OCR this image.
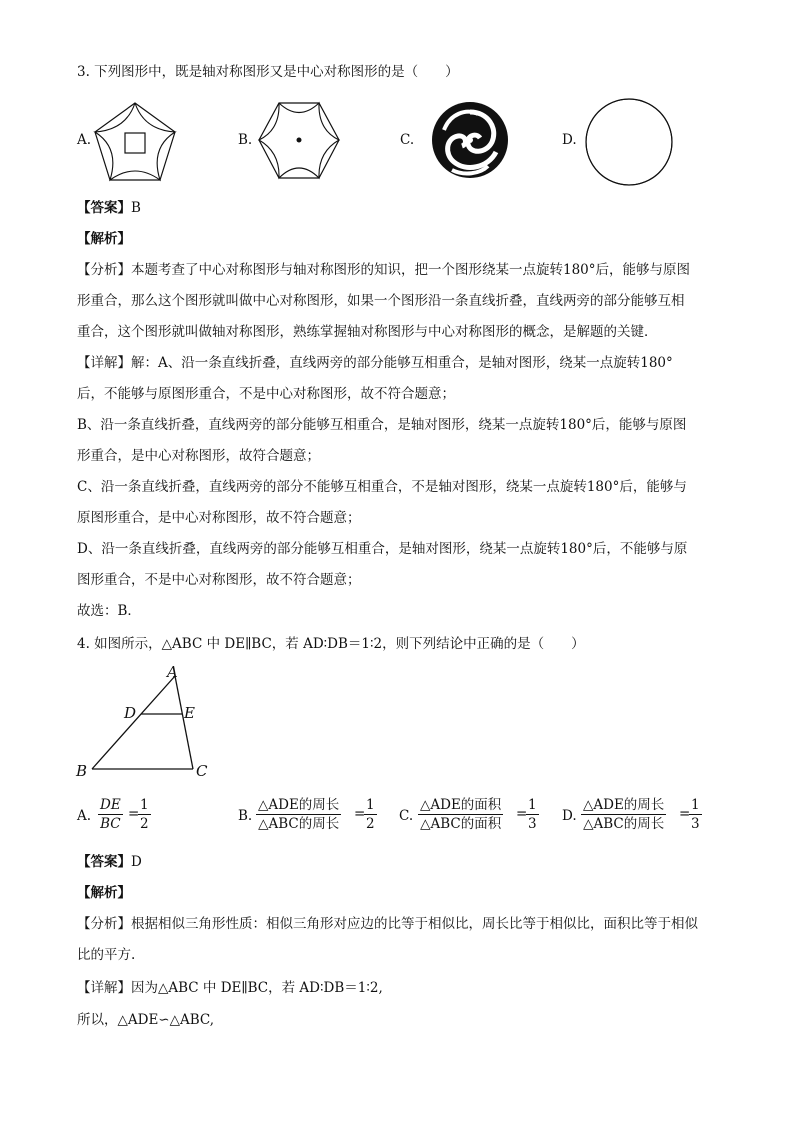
3. 下列图形中，既是轴对称图形又是中心对称图形的是（　　）
A.	B.	C.	D.
【答案】B
【解析】
【分析】本题考查了中心对称图形与轴对称图形的知识，把一个图形绕某一点旋转180°后，能够与原图
形重合，那么这个图形就叫做中心对称图形，如果一个图形沿一条直线折叠，直线两旁的部分能够互相
重合，这个图形就叫做轴对称图形，熟练掌握轴对称图形与中心对称图形的概念，是解题的关键．
【详解】解：A、沿一条直线折叠，直线两旁的部分能够互相重合，是轴对图形，绕某一点旋转180°
后，不能够与原图形重合，不是中心对称图形，故不符合题意；
B、沿一条直线折叠，直线两旁的部分能够互相重合，是轴对图形，绕某一点旋转180°后，能够与原图
形重合，是中心对称图形，故符合题意；
C、沿一条直线折叠，直线两旁的部分不能够互相重合，不是轴对图形，绕某一点旋转180°后，能够与
原图形重合，是中心对称图形，故不符合题意；
D、沿一条直线折叠，直线两旁的部分能够互相重合，是轴对图形，绕某一点旋转180°后，不能够与原
图形重合，不是中心对称图形，故不符合题意；
故选：B．
4. 如图所示，△ABC 中 DE∥BC，若 AD∶DB＝1∶2，则下列结论中正确的是（　　）
A
D	E
B	C
A. $\frac{DE}{BC}$ =
$\frac{1}{2}$	B.
△ADE的周长
△ABC的周长
=
$\frac{1}{2} C$.
△ADE的面积
△ABC的面积
=
$\frac{1}{3} D$.
△ADE的周长
△ABC的周长
=
$\frac{1}{3}$
【答案】D
【解析】
【分析】根据相似三角形性质：相似三角形对应边的比等于相似比，周长比等于相似比，面积比等于相似
比的平方.
【详解】因为△ABC 中 DE∥BC，若 AD∶DB＝1∶2,
所以，△ADE∽△ABC,
